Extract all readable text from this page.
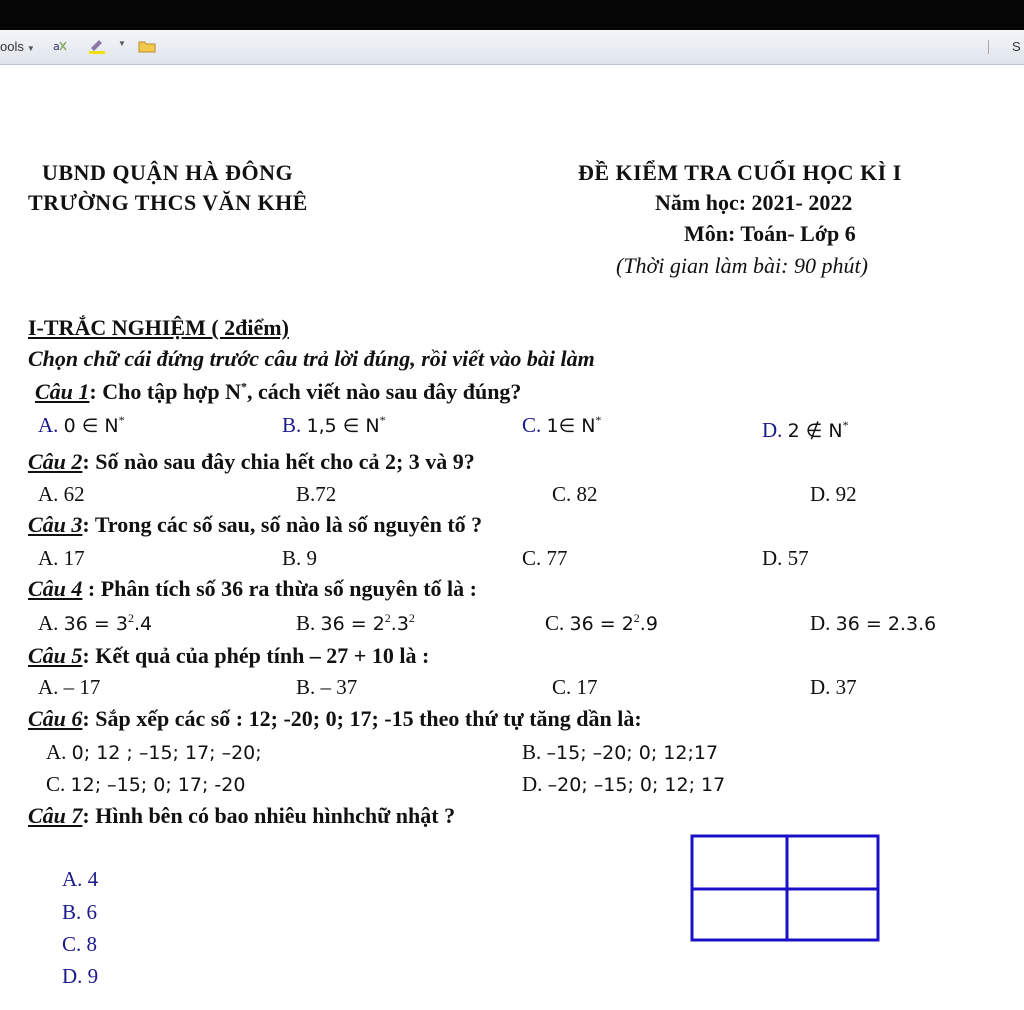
ools ▼ a	▼	S
UBND QUẬN HÀ ĐÔNG
TRƯỜNG THCS VĂN KHÊ
ĐỀ KIỂM TRA CUỐI HỌC KÌ I
Năm học: 2021- 2022
Môn: Toán- Lớp 6
(Thời gian làm bài: 90 phút)
I-TRẮC NGHIỆM ( 2điểm)
Chọn chữ cái đứng trước câu trả lời đúng, rồi viết vào bài làm
Câu 1: Cho tập hợp N*, cách viết nào sau đây đúng?
A. 0 ∈ N*	B. 1,5 ∈ N*	C. 1∈ N*	D. 2 ∉ N*
Câu 2: Số nào sau đây chia hết cho cả 2; 3 và 9?
A. 62	B.72	C. 82	D. 92
Câu 3: Trong các số sau, số nào là số nguyên tố ?
A. 17	B. 9	C. 77	D. 57
Câu 4 : Phân tích số 36 ra thừa số nguyên tố là :
A. $36 = 3^2.4$	B. $36 = 2^2.3^2$	C. $36 = 2^2.9$	D. 36 = 2.3.6
Câu 5: Kết quả của phép tính – 27 + 10 là :
A. – 17	B. – 37	C. 17	D. 37
Câu 6: Sắp xếp các số : 12; -20; 0; 17; -15 theo thứ tự tăng dần là:
A. 0; 12 ; –15; 17; –20;	B. –15; –20; 0; 12;17
C. 12; –15; 0; 17; -20	D. –20; –15; 0; 12; 17
Câu 7: Hình bên có bao nhiêu hìnhchữ nhật ?
A. 4
B. 6
C. 8
D. 9
